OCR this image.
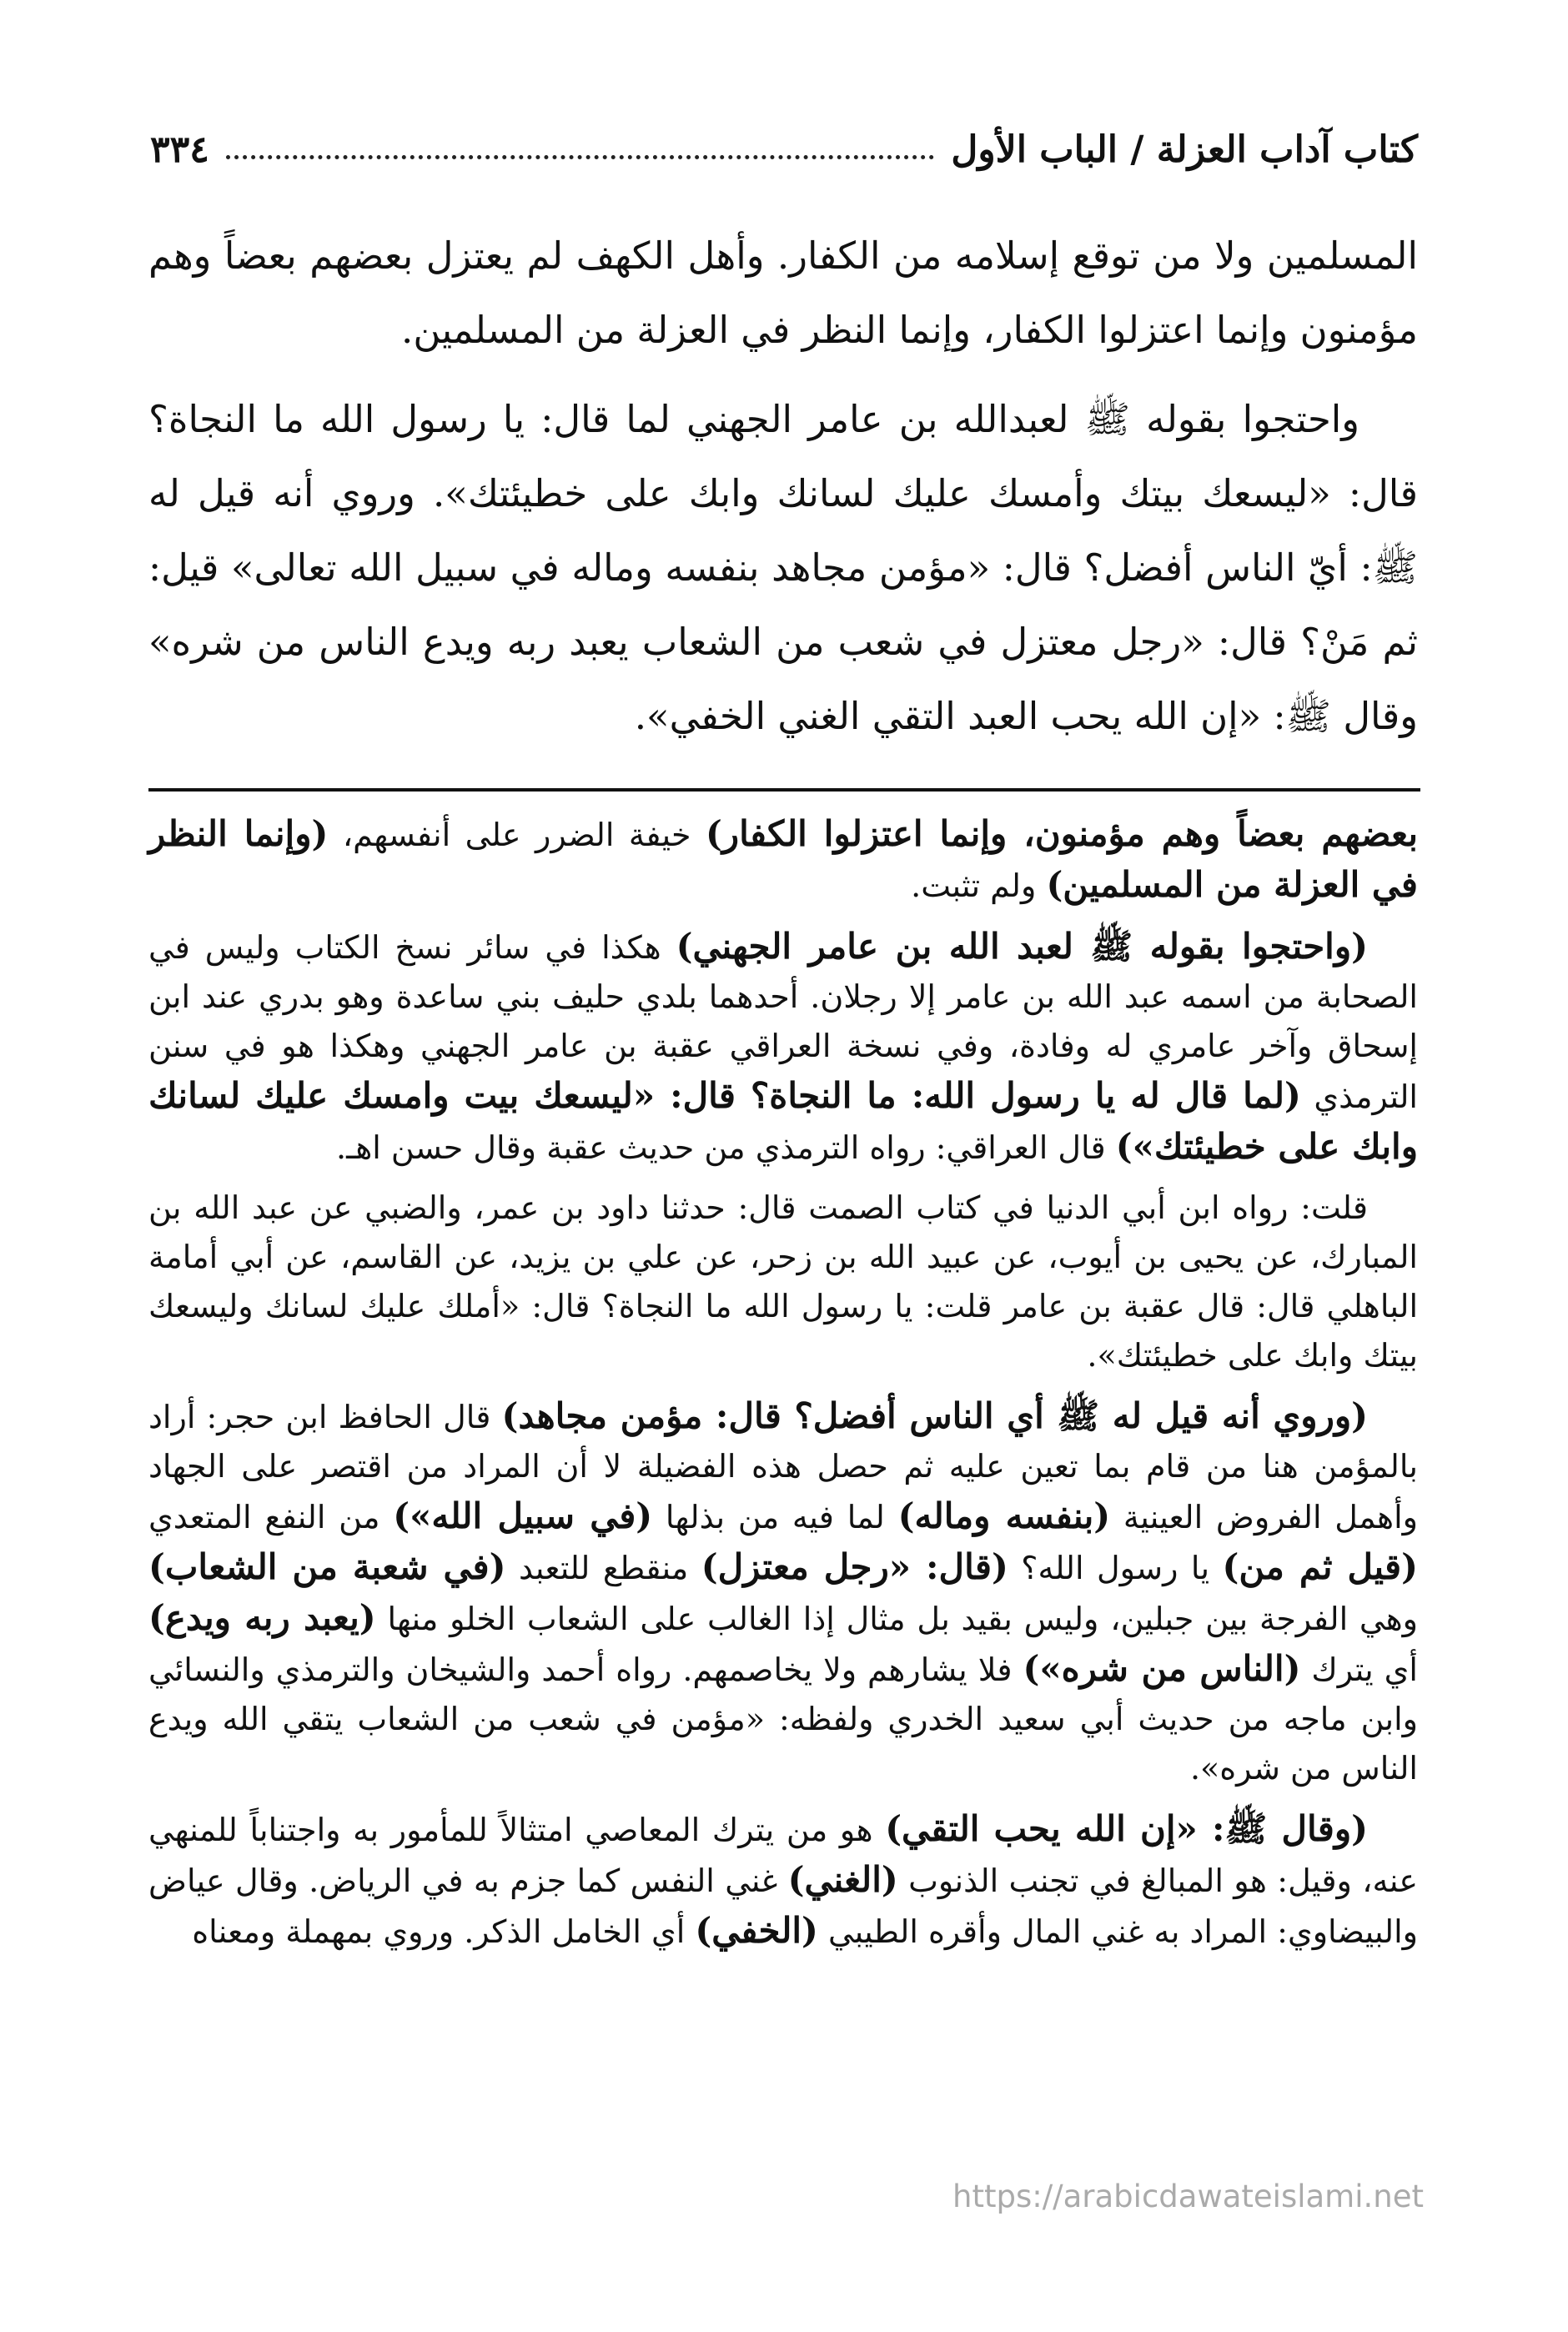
كتاب آداب العزلة / الباب الأول
٣٣٤

المسلمين ولا من توقع إسلامه من الكفار. وأهل الكهف لم يعتزل بعضهم بعضاً وهم مؤمنون وإنما اعتزلوا الكفار، وإنما النظر في العزلة من المسلمين.

واحتجوا بقوله ﷺ لعبدالله بن عامر الجهني لما قال: يا رسول الله ما النجاة؟ قال: «ليسعك بيتك وأمسك عليك لسانك وابك على خطيئتك». وروي أنه قيل له ﷺ: أيّ الناس أفضل؟ قال: «مؤمن مجاهد بنفسه وماله في سبيل الله تعالى» قيل: ثم مَنْ؟ قال: «رجل معتزل في شعب من الشعاب يعبد ربه ويدع الناس من شره» وقال ﷺ: «إن الله يحب العبد التقي الغني الخفي».

بعضهم بعضاً وهم مؤمنون، وإنما اعتزلوا الكفار) خيفة الضرر على أنفسهم، (وإنما النظر في العزلة من المسلمين) ولم تثبت.

(واحتجوا بقوله ﷺ لعبد الله بن عامر الجهني) هكذا في سائر نسخ الكتاب وليس في الصحابة من اسمه عبد الله بن عامر إلا رجلان. أحدهما بلدي حليف بني ساعدة وهو بدري عند ابن إسحاق وآخر عامري له وفادة، وفي نسخة العراقي عقبة بن عامر الجهني وهكذا هو في سنن الترمذي (لما قال له يا رسول الله: ما النجاة؟ قال: «ليسعك بيت وامسك عليك لسانك وابك على خطيئتك») قال العراقي: رواه الترمذي من حديث عقبة وقال حسن اهـ.

قلت: رواه ابن أبي الدنيا في كتاب الصمت قال: حدثنا داود بن عمر، والضبي عن عبد الله بن المبارك، عن يحيى بن أيوب، عن عبيد الله بن زحر، عن علي بن يزيد، عن القاسم، عن أبي أمامة الباهلي قال: قال عقبة بن عامر قلت: يا رسول الله ما النجاة؟ قال: «أملك عليك لسانك وليسعك بيتك وابك على خطيئتك».

(وروي أنه قيل له ﷺ أي الناس أفضل؟ قال: مؤمن مجاهد) قال الحافظ ابن حجر: أراد بالمؤمن هنا من قام بما تعين عليه ثم حصل هذه الفضيلة لا أن المراد من اقتصر على الجهاد وأهمل الفروض العينية (بنفسه وماله) لما فيه من بذلها (في سبيل الله») من النفع المتعدي (قيل ثم من) يا رسول الله؟ (قال: «رجل معتزل) منقطع للتعبد (في شعبة من الشعاب) وهي الفرجة بين جبلين، وليس بقيد بل مثال إذا الغالب على الشعاب الخلو منها (يعبد ربه ويدع) أي يترك (الناس من شره») فلا يشارهم ولا يخاصمهم. رواه أحمد والشيخان والترمذي والنسائي وابن ماجه من حديث أبي سعيد الخدري ولفظه: «مؤمن في شعب من الشعاب يتقي الله ويدع الناس من شره».

(وقال ﷺ: «إن الله يحب التقي) هو من يترك المعاصي امتثالاً للمأمور به واجتناباً للمنهي عنه، وقيل: هو المبالغ في تجنب الذنوب (الغني) غني النفس كما جزم به في الرياض. وقال عياض والبيضاوي: المراد به غني المال وأقره الطيبي (الخفي) أي الخامل الذكر. وروي بمهملة ومعناه

https://arabicdawateislami.net
